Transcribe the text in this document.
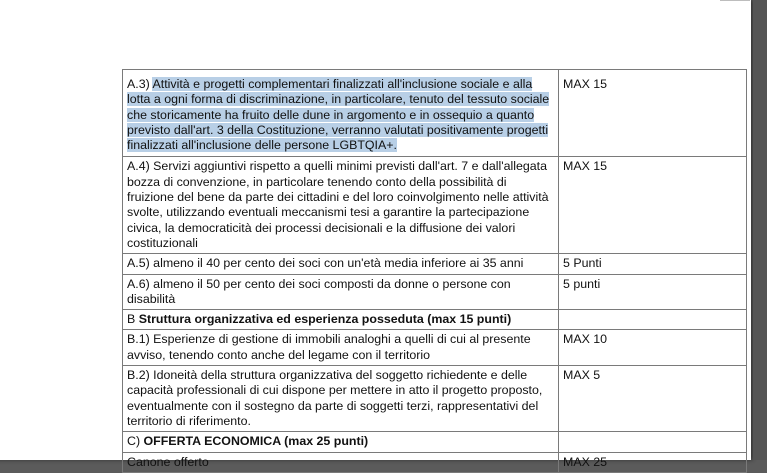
A.3) Attività e progetti complementari finalizzati all'inclusione sociale e alla lotta a ogni forma di discriminazione, in particolare, tenuto del tessuto sociale che storicamente ha fruito delle dune in argomento e in ossequio a quanto previsto dall'art. 3 della Costituzione, verranno valutati positivamente progetti finalizzati all'inclusione delle persone LGBTQIA+.	MAX 15
A.4) Servizi aggiuntivi rispetto a quelli minimi previsti dall'art. 7 e dall'allegata bozza di convenzione, in particolare tenendo conto della possibilità di fruizione del bene da parte dei cittadini e del loro coinvolgimento nelle attività svolte, utilizzando eventuali meccanismi tesi a garantire la partecipazione civica, la democraticità dei processi decisionali e la diffusione dei valori costituzionali	MAX 15
A.5) almeno il 40 per cento dei soci con un'età media inferiore ai 35 anni	5 Punti
A.6) almeno il 50 per cento dei soci composti da donne o persone con disabilità	5 punti
B Struttura organizzativa ed esperienza posseduta (max 15 punti)	
B.1) Esperienze di gestione di immobili analoghi a quelli di cui al presente avviso, tenendo conto anche del legame con il territorio	MAX 10
B.2) Idoneità della struttura organizzativa del soggetto richiedente e delle capacità professionali di cui dispone per mettere in atto il progetto proposto, eventualmente con il sostegno da parte di soggetti terzi, rappresentativi del territorio di riferimento.	MAX 5
C) OFFERTA ECONOMICA (max 25 punti)	
Canone offerto	MAX 25
